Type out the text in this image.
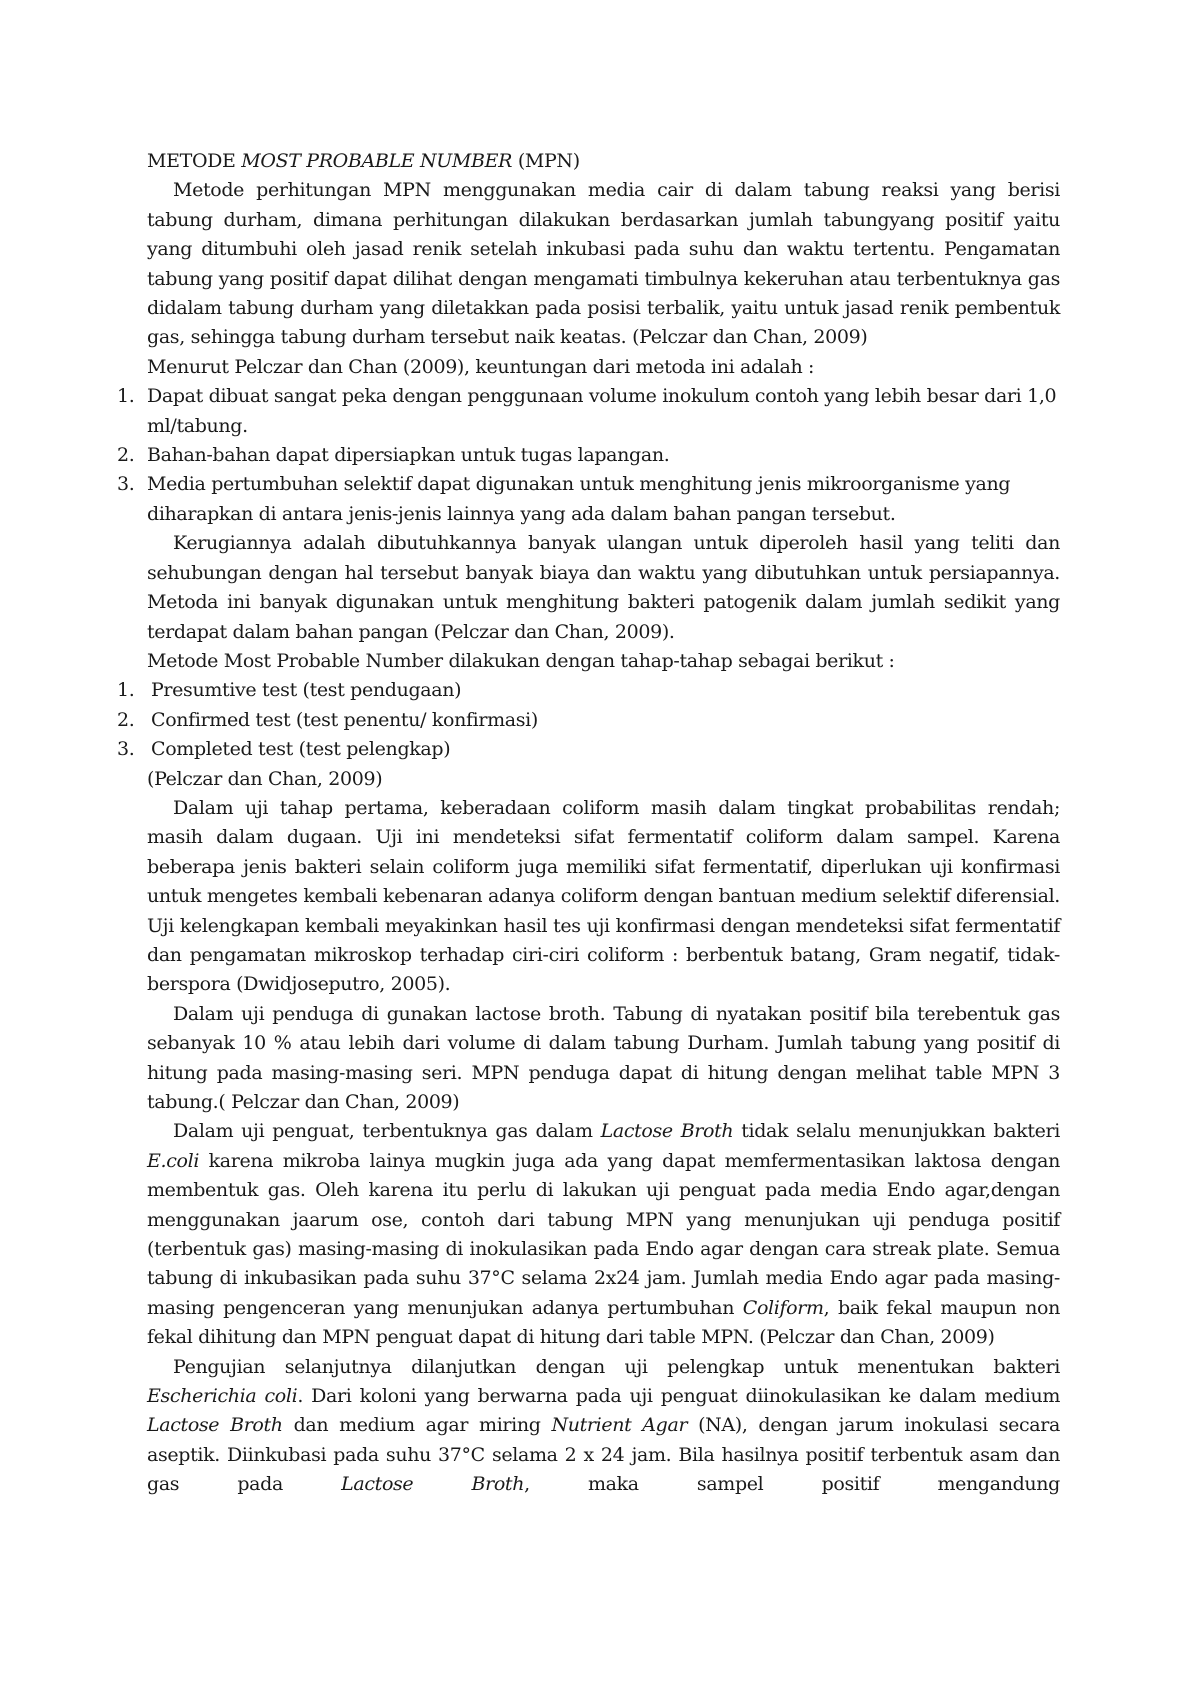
METODE MOST PROBABLE NUMBER (MPN)

Metode perhitungan MPN menggunakan media cair di dalam tabung reaksi yang berisi tabung durham, dimana perhitungan dilakukan berdasarkan jumlah tabungyang positif yaitu yang ditumbuhi oleh jasad renik setelah inkubasi pada suhu dan waktu tertentu. Pengamatan tabung yang positif dapat dilihat dengan mengamati timbulnya kekeruhan atau terbentuknya gas didalam tabung durham yang diletakkan pada posisi terbalik, yaitu untuk jasad renik pembentuk gas, sehingga tabung durham tersebut naik keatas. (Pelczar dan Chan, 2009)

Menurut Pelczar dan Chan (2009), keuntungan dari metoda ini adalah :

1. Dapat dibuat sangat peka dengan penggunaan volume inokulum contoh yang lebih besar dari 1,0 ml/tabung.
2. Bahan-bahan dapat dipersiapkan untuk tugas lapangan.
3. Media pertumbuhan selektif dapat digunakan untuk menghitung jenis mikroorganisme yang diharapkan di antara jenis-jenis lainnya yang ada dalam bahan pangan tersebut.

Kerugiannya adalah dibutuhkannya banyak ulangan untuk diperoleh hasil yang teliti dan sehubungan dengan hal tersebut banyak biaya dan waktu yang dibutuhkan untuk persiapannya. Metoda ini banyak digunakan untuk menghitung bakteri patogenik dalam jumlah sedikit yang terdapat dalam bahan pangan (Pelczar dan Chan, 2009).

Metode Most Probable Number dilakukan dengan tahap-tahap sebagai berikut :

1. Presumtive test (test pendugaan)
2. Confirmed test (test penentu/ konfirmasi)
3. Completed test (test pelengkap)

(Pelczar dan Chan, 2009)

Dalam uji tahap pertama, keberadaan coliform masih dalam tingkat probabilitas rendah; masih dalam dugaan. Uji ini mendeteksi sifat fermentatif coliform dalam sampel. Karena beberapa jenis bakteri selain coliform juga memiliki sifat fermentatif, diperlukan uji konfirmasi untuk mengetes kembali kebenaran adanya coliform dengan bantuan medium selektif diferensial. Uji kelengkapan kembali meyakinkan hasil tes uji konfirmasi dengan mendeteksi sifat fermentatif dan pengamatan mikroskop terhadap ciri-ciri coliform : berbentuk batang, Gram negatif, tidak-berspora (Dwidjoseputro, 2005).

Dalam uji penduga di gunakan lactose broth. Tabung di nyatakan positif bila terebentuk gas sebanyak 10 % atau lebih dari volume di dalam tabung Durham. Jumlah tabung yang positif di hitung pada masing-masing seri. MPN penduga dapat di hitung dengan melihat table MPN 3 tabung.( Pelczar dan Chan, 2009)

Dalam uji penguat, terbentuknya gas dalam Lactose Broth tidak selalu menunjukkan bakteri E.coli karena mikroba lainya mugkin juga ada yang dapat memfermentasikan laktosa dengan membentuk gas. Oleh karena itu perlu di lakukan uji penguat pada media Endo agar,dengan menggunakan jaarum ose, contoh dari tabung MPN yang menunjukan uji penduga positif (terbentuk gas) masing-masing di inokulasikan pada Endo agar dengan cara streak plate. Semua tabung di inkubasikan pada suhu 37°C selama 2x24 jam. Jumlah media Endo agar pada masing-masing pengenceran yang menunjukan adanya pertumbuhan Coliform, baik fekal maupun non fekal dihitung dan MPN penguat dapat di hitung dari table MPN. (Pelczar dan Chan, 2009)

Pengujian selanjutnya dilanjutkan dengan uji pelengkap untuk menentukan bakteri Escherichia coli. Dari koloni yang berwarna pada uji penguat diinokulasikan ke dalam medium Lactose Broth dan medium agar miring Nutrient Agar (NA), dengan jarum inokulasi secara aseptik. Diinkubasi pada suhu 37°C selama 2 x 24 jam. Bila hasilnya positif terbentuk asam dan gas pada Lactose Broth, maka sampel positif mengandung
